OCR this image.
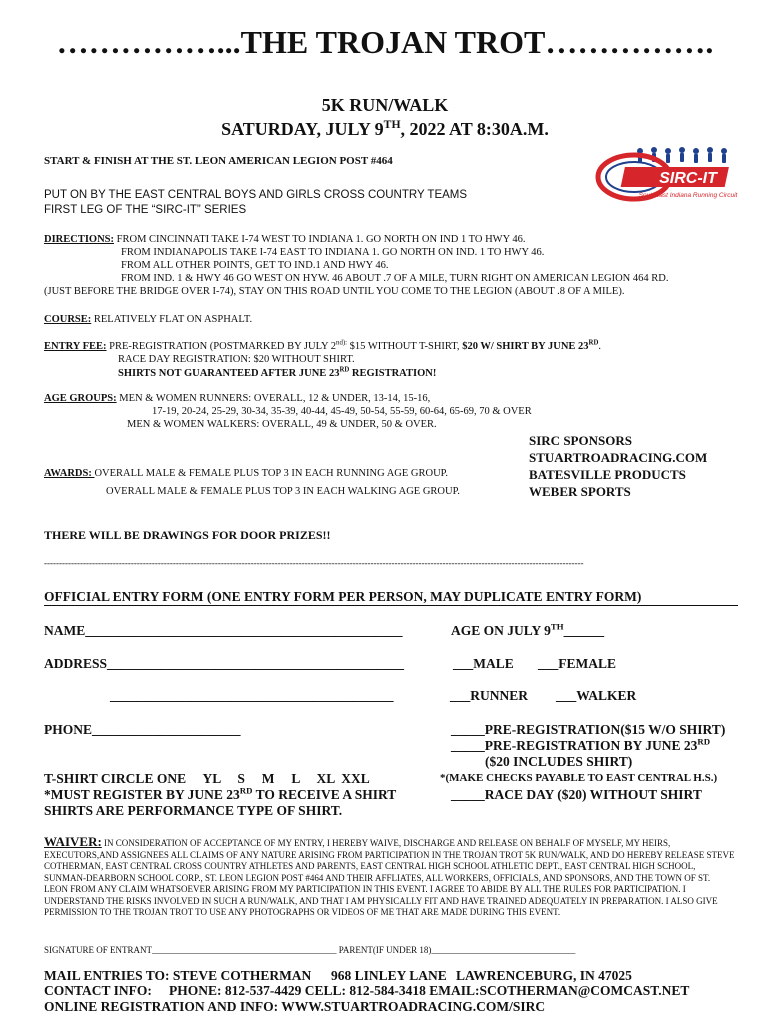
……………...THE TROJAN TROT…………….
5K RUN/WALK
SATURDAY, JULY 9TH, 2022 AT 8:30A.M.
START & FINISH AT THE ST. LEON AMERICAN LEGION POST #464
PUT ON BY THE EAST CENTRAL BOYS AND GIRLS CROSS COUNTRY TEAMS
FIRST LEG OF THE “SIRC-IT” SERIES
SIRC-IT
Southeast Indiana Running Circuit
DIRECTIONS: FROM CINCINNATI TAKE I-74 WEST TO INDIANA 1. GO NORTH ON IND 1 TO HWY 46.
FROM INDIANAPOLIS TAKE I-74 EAST TO INDIANA 1. GO NORTH ON IND. 1 TO HWY 46.
FROM ALL OTHER POINTS, GET TO IND.1 AND HWY 46.
FROM IND. 1 & HWY 46 GO WEST ON HYW. 46 ABOUT .7 OF A MILE, TURN RIGHT ON AMERICAN LEGION 464 RD.
(JUST BEFORE THE BRIDGE OVER I-74), STAY ON THIS ROAD UNTIL YOU COME TO THE LEGION (ABOUT .8 OF A MILE).
COURSE: RELATIVELY FLAT ON ASPHALT.
ENTRY FEE: PRE-REGISTRATION (POSTMARKED BY JULY $2^{nd):}$ $15 WITHOUT T-SHIRT, $20 W/ SHIRT BY JUNE 23RD.
RACE DAY REGISTRATION: $20 WITHOUT SHIRT.
SHIRTS NOT GUARANTEED AFTER JUNE 23RD REGISTRATION!
AGE GROUPS: MEN & WOMEN RUNNERS: OVERALL, 12 & UNDER, 13-14, 15-16,
17-19, 20-24, 25-29, 30-34, 35-39, 40-44, 45-49, 50-54, 55-59, 60-64, 65-69, 70 & OVER
MEN & WOMEN WALKERS: OVERALL, 49 & UNDER, 50 & OVER.
SIRC SPONSORS
STUARTROADRACING.COM
BATESVILLE PRODUCTS
WEBER SPORTS
AWARDS: OVERALL MALE & FEMALE PLUS TOP 3 IN EACH RUNNING AGE GROUP.
OVERALL MALE & FEMALE PLUS TOP 3 IN EACH WALKING AGE GROUP.
THERE WILL BE DRAWINGS FOR DOOR PRIZES!!
------------------------------------------------------------------------------------------------------------------------------------------------------------------------------------
OFFICIAL ENTRY FORM (ONE ENTRY FORM PER PERSON, MAY DUPLICATE ENTRY FORM)
NAME_______________________________________________	AGE ON JULY 9TH______
ADDRESS____________________________________________	___MALE ___FEMALE
__________________________________________	___RUNNER ___WALKER
PHONE______________________	_____PRE-REGISTRATION($15 W/O SHIRT)
_____PRE-REGISTRATION BY JUNE 23RD
($20 INCLUDES SHIRT)
*(MAKE CHECKS PAYABLE TO EAST CENTRAL H.S.)
_____RACE DAY ($20) WITHOUT SHIRT
T-SHIRT CIRCLE ONE     YL     S     M     L     XL  XXL
*MUST REGISTER BY JUNE 23RD TO RECEIVE A SHIRT
SHIRTS ARE PERFORMANCE TYPE OF SHIRT.
WAIVER: IN CONSIDERATION OF ACCEPTANCE OF MY ENTRY, I HEREBY WAIVE, DISCHARGE AND RELEASE ON BEHALF OF MYSELF, MY HEIRS, EXECUTORS,AND ASSIGNEES ALL CLAIMS OF ANY NATURE ARISING FROM PARTICIPATION IN THE TROJAN TROT 5K RUN/WALK, AND DO HEREBY RELEASE STEVE COTHERMAN, EAST CENTRAL CROSS COUNTRY ATHLETES AND PARENTS, EAST CENTRAL HIGH SCHOOL ATHLETIC DEPT., EAST CENTRAL HIGH SCHOOL, SUNMAN-DEARBORN SCHOOL CORP., ST. LEON LEGION POST #464 AND THEIR AFFLIATES, ALL WORKERS, OFFICIALS, AND SPONSORS, AND THE TOWN OF ST. LEON FROM ANY CLAIM WHATSOEVER ARISING FROM MY PARTICIPATION IN THIS EVENT. I AGREE TO ABIDE BY ALL THE RULES FOR PARTICIPATION. I UNDERSTAND THE RISKS INVOLVED IN SUCH A RUN/WALK, AND THAT I AM PHYSICALLY FIT AND HAVE TRAINED ADEQUATELY IN PREPARATION. I ALSO GIVE PERMISSION TO THE TROJAN TROT TO USE ANY PHOTOGRAPHS OR VIDEOS OF ME THAT ARE MADE DURING THIS EVENT.
SIGNATURE OF ENTRANT_________________________________________ PARENT(IF UNDER 18)________________________________
MAIL ENTRIES TO: STEVE COTHERMAN 968 LINLEY LANE LAWRENCEBURG, IN 47025
CONTACT INFO: PHONE: 812-537-4429 CELL: 812-584-3418 EMAIL:SCOTHERMAN@COMCAST.NET
ONLINE REGISTRATION AND INFO: WWW.STUARTROADRACING.COM/SIRC
